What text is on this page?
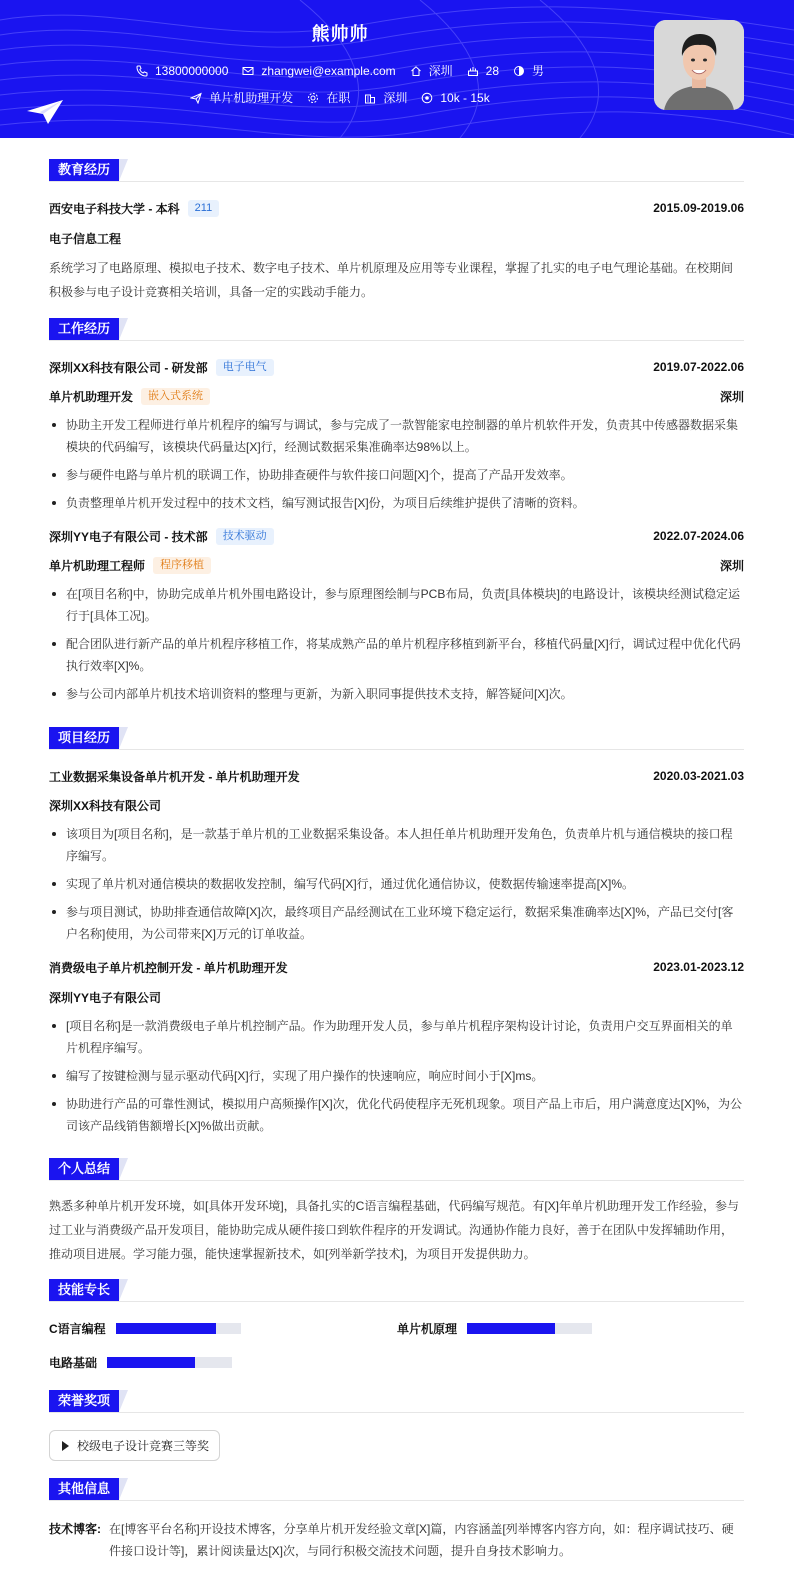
熊帅帅
13800000000	zhangwei@example.com	深圳	28	男
单片机助理开发	在职	深圳	10k - 15k
教育经历
西安电子科技大学 - 本科	211	2015.09-2019.06
电子信息工程
系统学习了电路原理、模拟电子技术、数字电子技术、单片机原理及应用等专业课程，掌握了扎实的电子电气理论基础。在校期间积极参与电子设计竞赛相关培训，具备一定的实践动手能力。
工作经历
深圳XX科技有限公司 - 研发部	电子电气	2019.07-2022.06
单片机助理开发	嵌入式系统	深圳
协助主开发工程师进行单片机程序的编写与调试，参与完成了一款智能家电控制器的单片机软件开发，负责其中传感器数据采集模块的代码编写，该模块代码量达[X]行，经测试数据采集准确率达98%以上。
参与硬件电路与单片机的联调工作，协助排查硬件与软件接口问题[X]个，提高了产品开发效率。
负责整理单片机开发过程中的技术文档，编写测试报告[X]份，为项目后续维护提供了清晰的资料。
深圳YY电子有限公司 - 技术部	技术驱动	2022.07-2024.06
单片机助理工程师	程序移植	深圳
在[项目名称]中，协助完成单片机外围电路设计，参与原理图绘制与PCB布局，负责[具体模块]的电路设计，该模块经测试稳定运行于[具体工况]。
配合团队进行新产品的单片机程序移植工作，将某成熟产品的单片机程序移植到新平台，移植代码量[X]行，调试过程中优化代码执行效率[X]%。
参与公司内部单片机技术培训资料的整理与更新，为新入职同事提供技术支持，解答疑问[X]次。
项目经历
工业数据采集设备单片机开发 - 单片机助理开发	2020.03-2021.03
深圳XX科技有限公司
该项目为[项目名称]，是一款基于单片机的工业数据采集设备。本人担任单片机助理开发角色，负责单片机与通信模块的接口程序编写。
实现了单片机对通信模块的数据收发控制，编写代码[X]行，通过优化通信协议，使数据传输速率提高[X]%。
参与项目测试，协助排查通信故障[X]次，最终项目产品经测试在工业环境下稳定运行，数据采集准确率达[X]%，产品已交付[客户名称]使用，为公司带来[X]万元的订单收益。
消费级电子单片机控制开发 - 单片机助理开发	2023.01-2023.12
深圳YY电子有限公司
[项目名称]是一款消费级电子单片机控制产品。作为助理开发人员，参与单片机程序架构设计讨论，负责用户交互界面相关的单片机程序编写。
编写了按键检测与显示驱动代码[X]行，实现了用户操作的快速响应，响应时间小于[X]ms。
协助进行产品的可靠性测试，模拟用户高频操作[X]次，优化代码使程序无死机现象。项目产品上市后，用户满意度达[X]%，为公司该产品线销售额增长[X]%做出贡献。
个人总结
熟悉多种单片机开发环境，如[具体开发环境]，具备扎实的C语言编程基础，代码编写规范。有[X]年单片机助理开发工作经验，参与过工业与消费级产品开发项目，能协助完成从硬件接口到软件程序的开发调试。沟通协作能力良好，善于在团队中发挥辅助作用，推动项目进展。学习能力强，能快速掌握新技术，如[列举新学技术]，为项目开发提供助力。
技能专长
C语言编程	单片机原理
电路基础
荣誉奖项
校级电子设计竞赛三等奖
其他信息
技术博客: 在[博客平台名称]开设技术博客，分享单片机开发经验文章[X]篇，内容涵盖[列举博客内容方向，如：程序调试技巧、硬件接口设计等]，累计阅读量达[X]次，与同行积极交流技术问题，提升自身技术影响力。
